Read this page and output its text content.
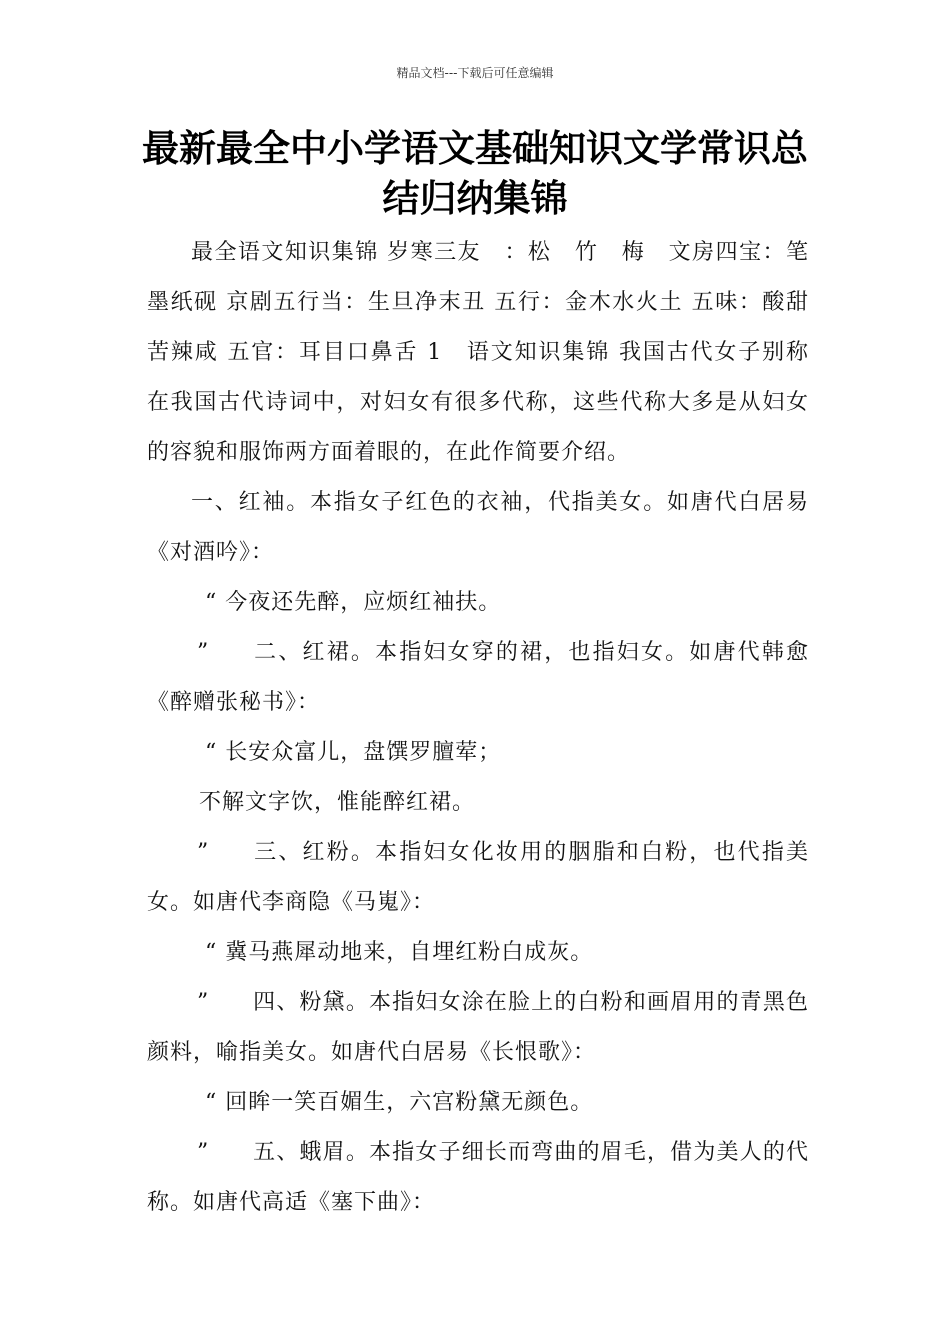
精品文档---下载后可任意编辑
最新最全中小学语文基础知识文学常识总
结归纳集锦

最全语文知识集锦 岁寒三友　：松　竹　梅　文房四宝：笔墨纸砚 京剧五行当：生旦净末丑 五行：金木水火土 五味：酸甜苦辣咸 五官：耳目口鼻舌 1　语文知识集锦 我国古代女子别称　　在我国古代诗词中，对妇女有很多代称，这些代称大多是从妇女的容貌和服饰两方面着眼的，在此作简要介绍。

一、红袖。本指女子红色的衣袖，代指美女。如唐代白居易《对酒吟》：

“ 今夜还先醉，应烦红袖扶。

” 二、红裙。本指妇女穿的裙，也指妇女。如唐代韩愈《醉赠张秘书》：

“ 长安众富儿，盘馔罗膻荤；

不解文字饮，惟能醉红裙。

” 三、红粉。本指妇女化妆用的胭脂和白粉，也代指美女。如唐代李商隐《马嵬》：

“ 冀马燕犀动地来，自埋红粉白成灰。

” 四、粉黛。本指妇女涂在脸上的白粉和画眉用的青黑色颜料，喻指美女。如唐代白居易《长恨歌》：

“ 回眸一笑百媚生，六宫粉黛无颜色。

” 五、蛾眉。本指女子细长而弯曲的眉毛，借为美人的代称。如唐代高适《塞下曲》：
